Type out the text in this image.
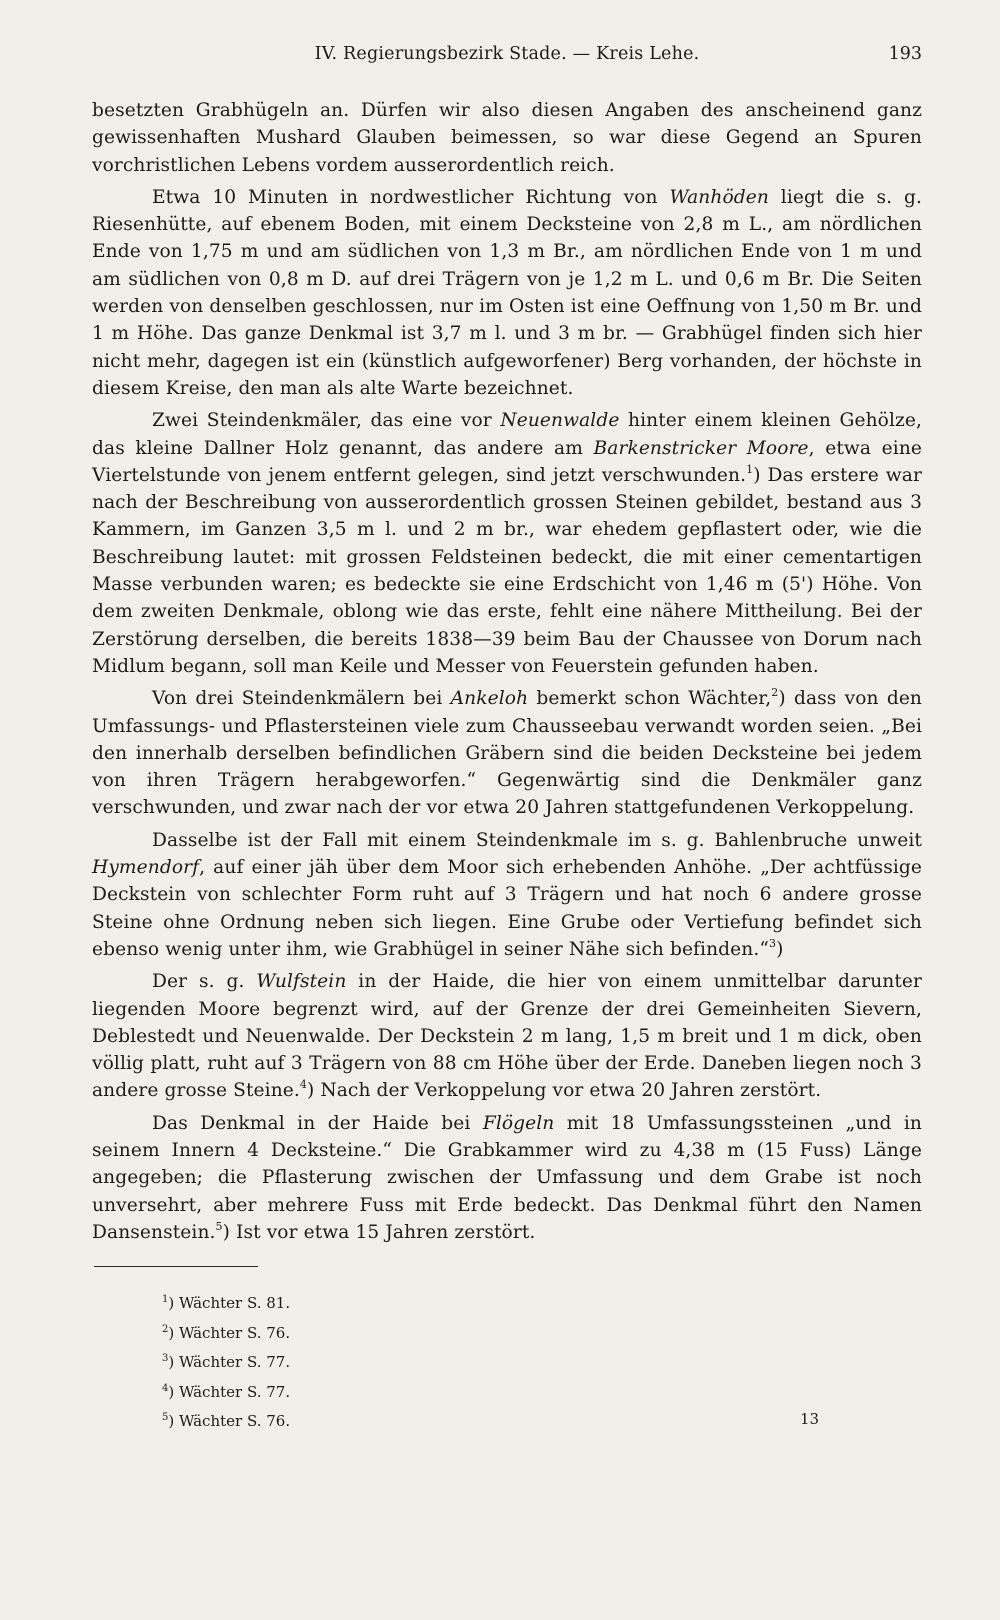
IV. Regierungsbezirk Stade. — Kreis Lehe.	193

besetzten Grabhügeln an. Dürfen wir also diesen Angaben des anscheinend ganz gewissenhaften Mushard Glauben beimessen, so war diese Gegend an Spuren vorchristlichen Lebens vordem ausserordentlich reich.

Etwa 10 Minuten in nordwestlicher Richtung von Wanhöden liegt die s. g. Riesenhütte, auf ebenem Boden, mit einem Decksteine von 2,8 m L., am nördlichen Ende von 1,75 m und am südlichen von 1,3 m Br., am nördlichen Ende von 1 m und am südlichen von 0,8 m D. auf drei Trägern von je 1,2 m L. und 0,6 m Br. Die Seiten werden von denselben geschlossen, nur im Osten ist eine Oeffnung von 1,50 m Br. und 1 m Höhe. Das ganze Denkmal ist 3,7 m l. und 3 m br. — Grabhügel finden sich hier nicht mehr, dagegen ist ein (künstlich aufgeworfener) Berg vorhanden, der höchste in diesem Kreise, den man als alte Warte bezeichnet.

Zwei Steindenkmäler, das eine vor Neuenwalde hinter einem kleinen Gehölze, das kleine Dallner Holz genannt, das andere am Barkenstricker Moore, etwa eine Viertelstunde von jenem entfernt gelegen, sind jetzt verschwunden.$^1$) Das erstere war nach der Beschreibung von ausserordentlich grossen Steinen gebildet, bestand aus 3 Kammern, im Ganzen 3,5 m l. und 2 m br., war ehedem gepflastert oder, wie die Beschreibung lautet: mit grossen Feldsteinen bedeckt, die mit einer cementartigen Masse verbunden waren; es bedeckte sie eine Erdschicht von 1,46 m (5') Höhe. Von dem zweiten Denkmale, oblong wie das erste, fehlt eine nähere Mittheilung. Bei der Zerstörung derselben, die bereits 1838—39 beim Bau der Chaussee von Dorum nach Midlum begann, soll man Keile und Messer von Feuerstein gefunden haben.

Von drei Steindenkmälern bei Ankeloh bemerkt schon Wächter,$^2$) dass von den Umfassungs- und Pflastersteinen viele zum Chausseebau verwandt worden seien. „Bei den innerhalb derselben befindlichen Gräbern sind die beiden Decksteine bei jedem von ihren Trägern herabgeworfen.“ Gegenwärtig sind die Denkmäler ganz verschwunden, und zwar nach der vor etwa 20 Jahren stattgefundenen Verkoppelung.

Dasselbe ist der Fall mit einem Steindenkmale im s. g. Bahlenbruche unweit Hymendorf, auf einer jäh über dem Moor sich erhebenden Anhöhe. „Der achtfüssige Deckstein von schlechter Form ruht auf 3 Trägern und hat noch 6 andere grosse Steine ohne Ordnung neben sich liegen. Eine Grube oder Vertiefung befindet sich ebenso wenig unter ihm, wie Grabhügel in seiner Nähe sich befinden.“$^3$)

Der s. g. Wulfstein in der Haide, die hier von einem unmittelbar darunter liegenden Moore begrenzt wird, auf der Grenze der drei Gemeinheiten Sievern, Deblestedt und Neuenwalde. Der Deckstein 2 m lang, 1,5 m breit und 1 m dick, oben völlig platt, ruht auf 3 Trägern von 88 cm Höhe über der Erde. Daneben liegen noch 3 andere grosse Steine.$^4$) Nach der Verkoppelung vor etwa 20 Jahren zerstört.

Das Denkmal in der Haide bei Flögeln mit 18 Umfassungssteinen „und in seinem Innern 4 Decksteine.“ Die Grabkammer wird zu 4,38 m (15 Fuss) Länge angegeben; die Pflasterung zwischen der Umfassung und dem Grabe ist noch unversehrt, aber mehrere Fuss mit Erde bedeckt. Das Denkmal führt den Namen Dansenstein.$^5$) Ist vor etwa 15 Jahren zerstört.

$^1$) Wächter S. 81.
$^2$) Wächter S. 76.
$^3$) Wächter S. 77.
$^4$) Wächter S. 77.
$^5$) Wächter S. 76.	13
